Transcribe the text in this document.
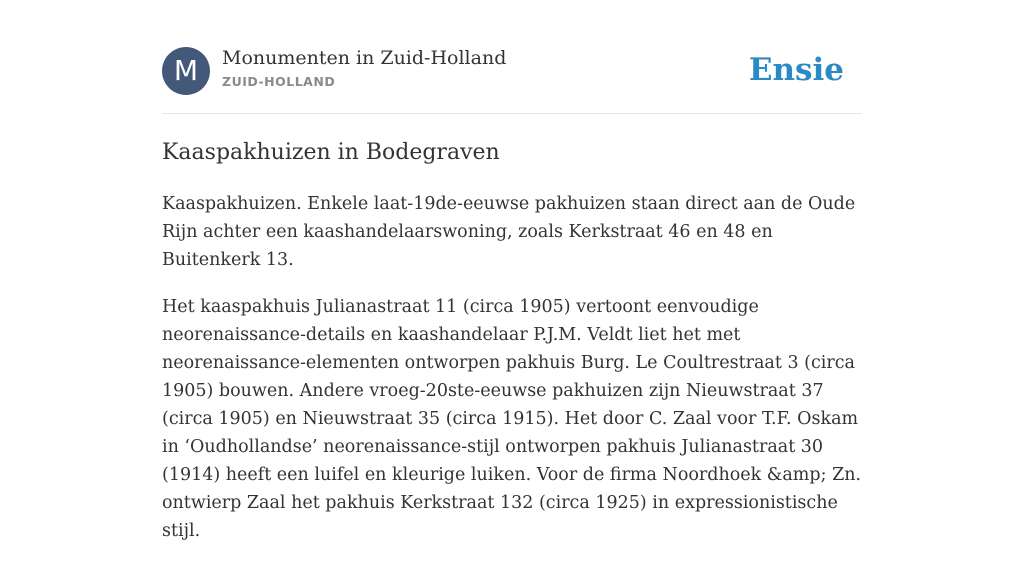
M	Monumenten in Zuid-Holland
ZUID-HOLLAND	Ensie
Kaaspakhuizen in Bodegraven

Kaaspakhuizen. Enkele laat-19de-eeuwse pakhuizen staan direct aan de Oude Rijn achter een kaashandelaarswoning, zoals Kerkstraat 46 en 48 en Buitenkerk 13.

Het kaaspakhuis Julianastraat 11 (circa 1905) vertoont eenvoudige neorenaissance-details en kaashandelaar P.J.M. Veldt liet het met neorenaissance-elementen ontworpen pakhuis Burg. Le Coultrestraat 3 (circa 1905) bouwen. Andere vroeg-20ste-eeuwse pakhuizen zijn Nieuwstraat 37 (circa 1905) en Nieuwstraat 35 (circa 1915). Het door C. Zaal voor T.F. Oskam in ‘Oudhollandse’ neorenaissance-stijl ontworpen pakhuis Julianastraat 30 (1914) heeft een luifel en kleurige luiken. Voor de firma Noordhoek &amp; Zn. ontwierp Zaal het pakhuis Kerkstraat 132 (circa 1925) in expressionistische stijl.
